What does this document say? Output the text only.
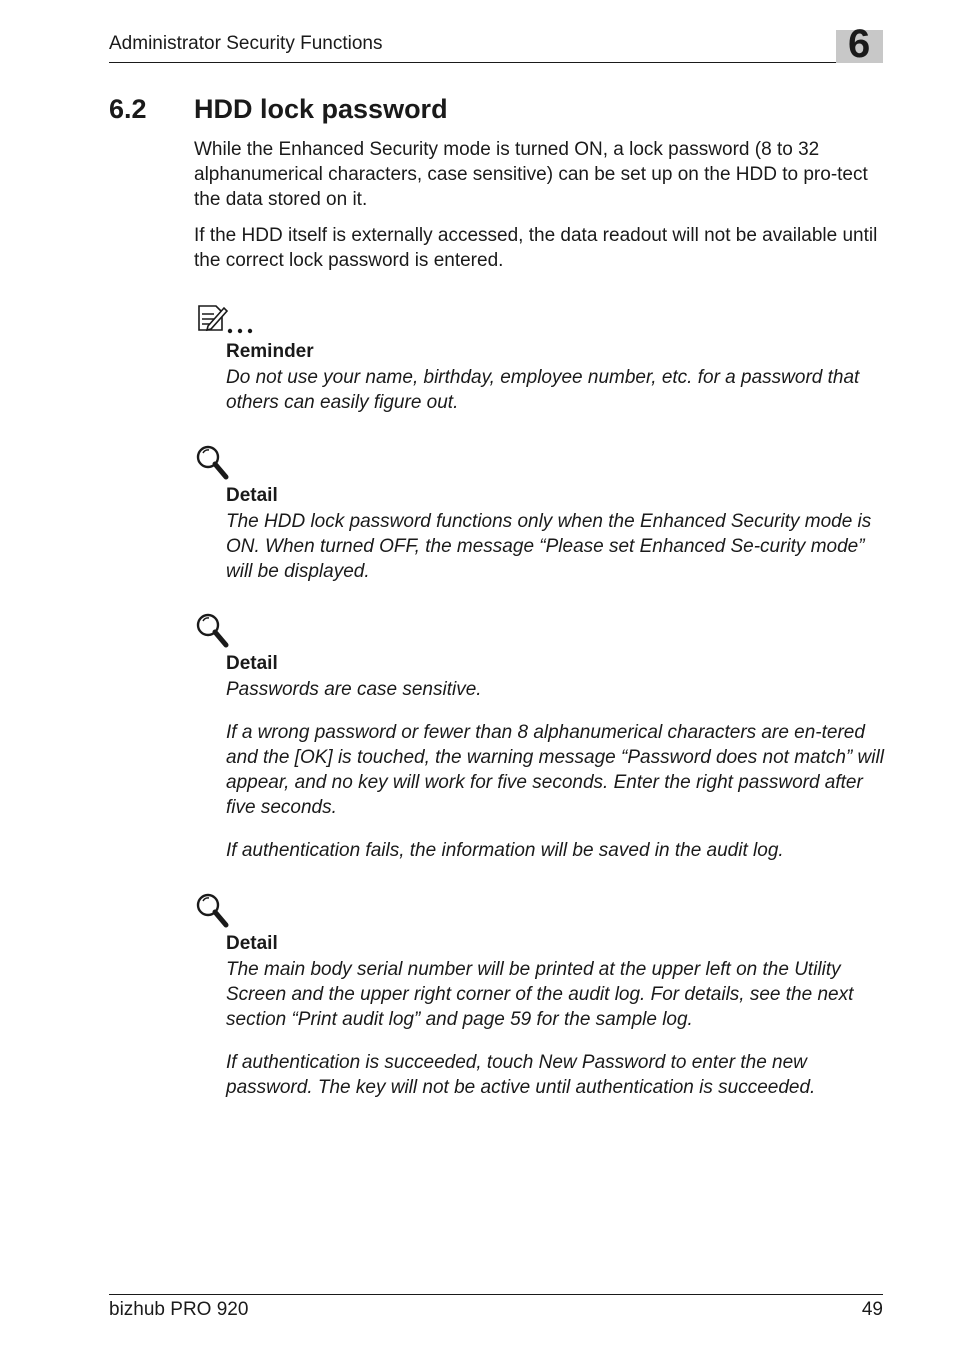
Administrator Security Functions	6
6.2 HDD lock password

While the Enhanced Security mode is turned ON, a lock password (8 to 32 alphanumerical characters, case sensitive) can be set up on the HDD to pro-tect the data stored on it.

If the HDD itself is externally accessed, the data readout will not be available until the correct lock password is entered.

Reminder

Do not use your name, birthday, employee number, etc. for a password that others can easily figure out.

Detail

The HDD lock password functions only when the Enhanced Security mode is ON. When turned OFF, the message “Please set Enhanced Se-curity mode” will be displayed.

Detail

Passwords are case sensitive.

If a wrong password or fewer than 8 alphanumerical characters are en-tered and the [OK] is touched, the warning message “Password does not match” will appear, and no key will work for five seconds. Enter the right password after five seconds.

If authentication fails, the information will be saved in the audit log.

Detail

The main body serial number will be printed at the upper left on the Utility Screen and the upper right corner of the audit log. For details, see the next section “Print audit log” and page 59 for the sample log.

If authentication is succeeded, touch New Password to enter the new password. The key will not be active until authentication is succeeded.

bizhub PRO 920	49
